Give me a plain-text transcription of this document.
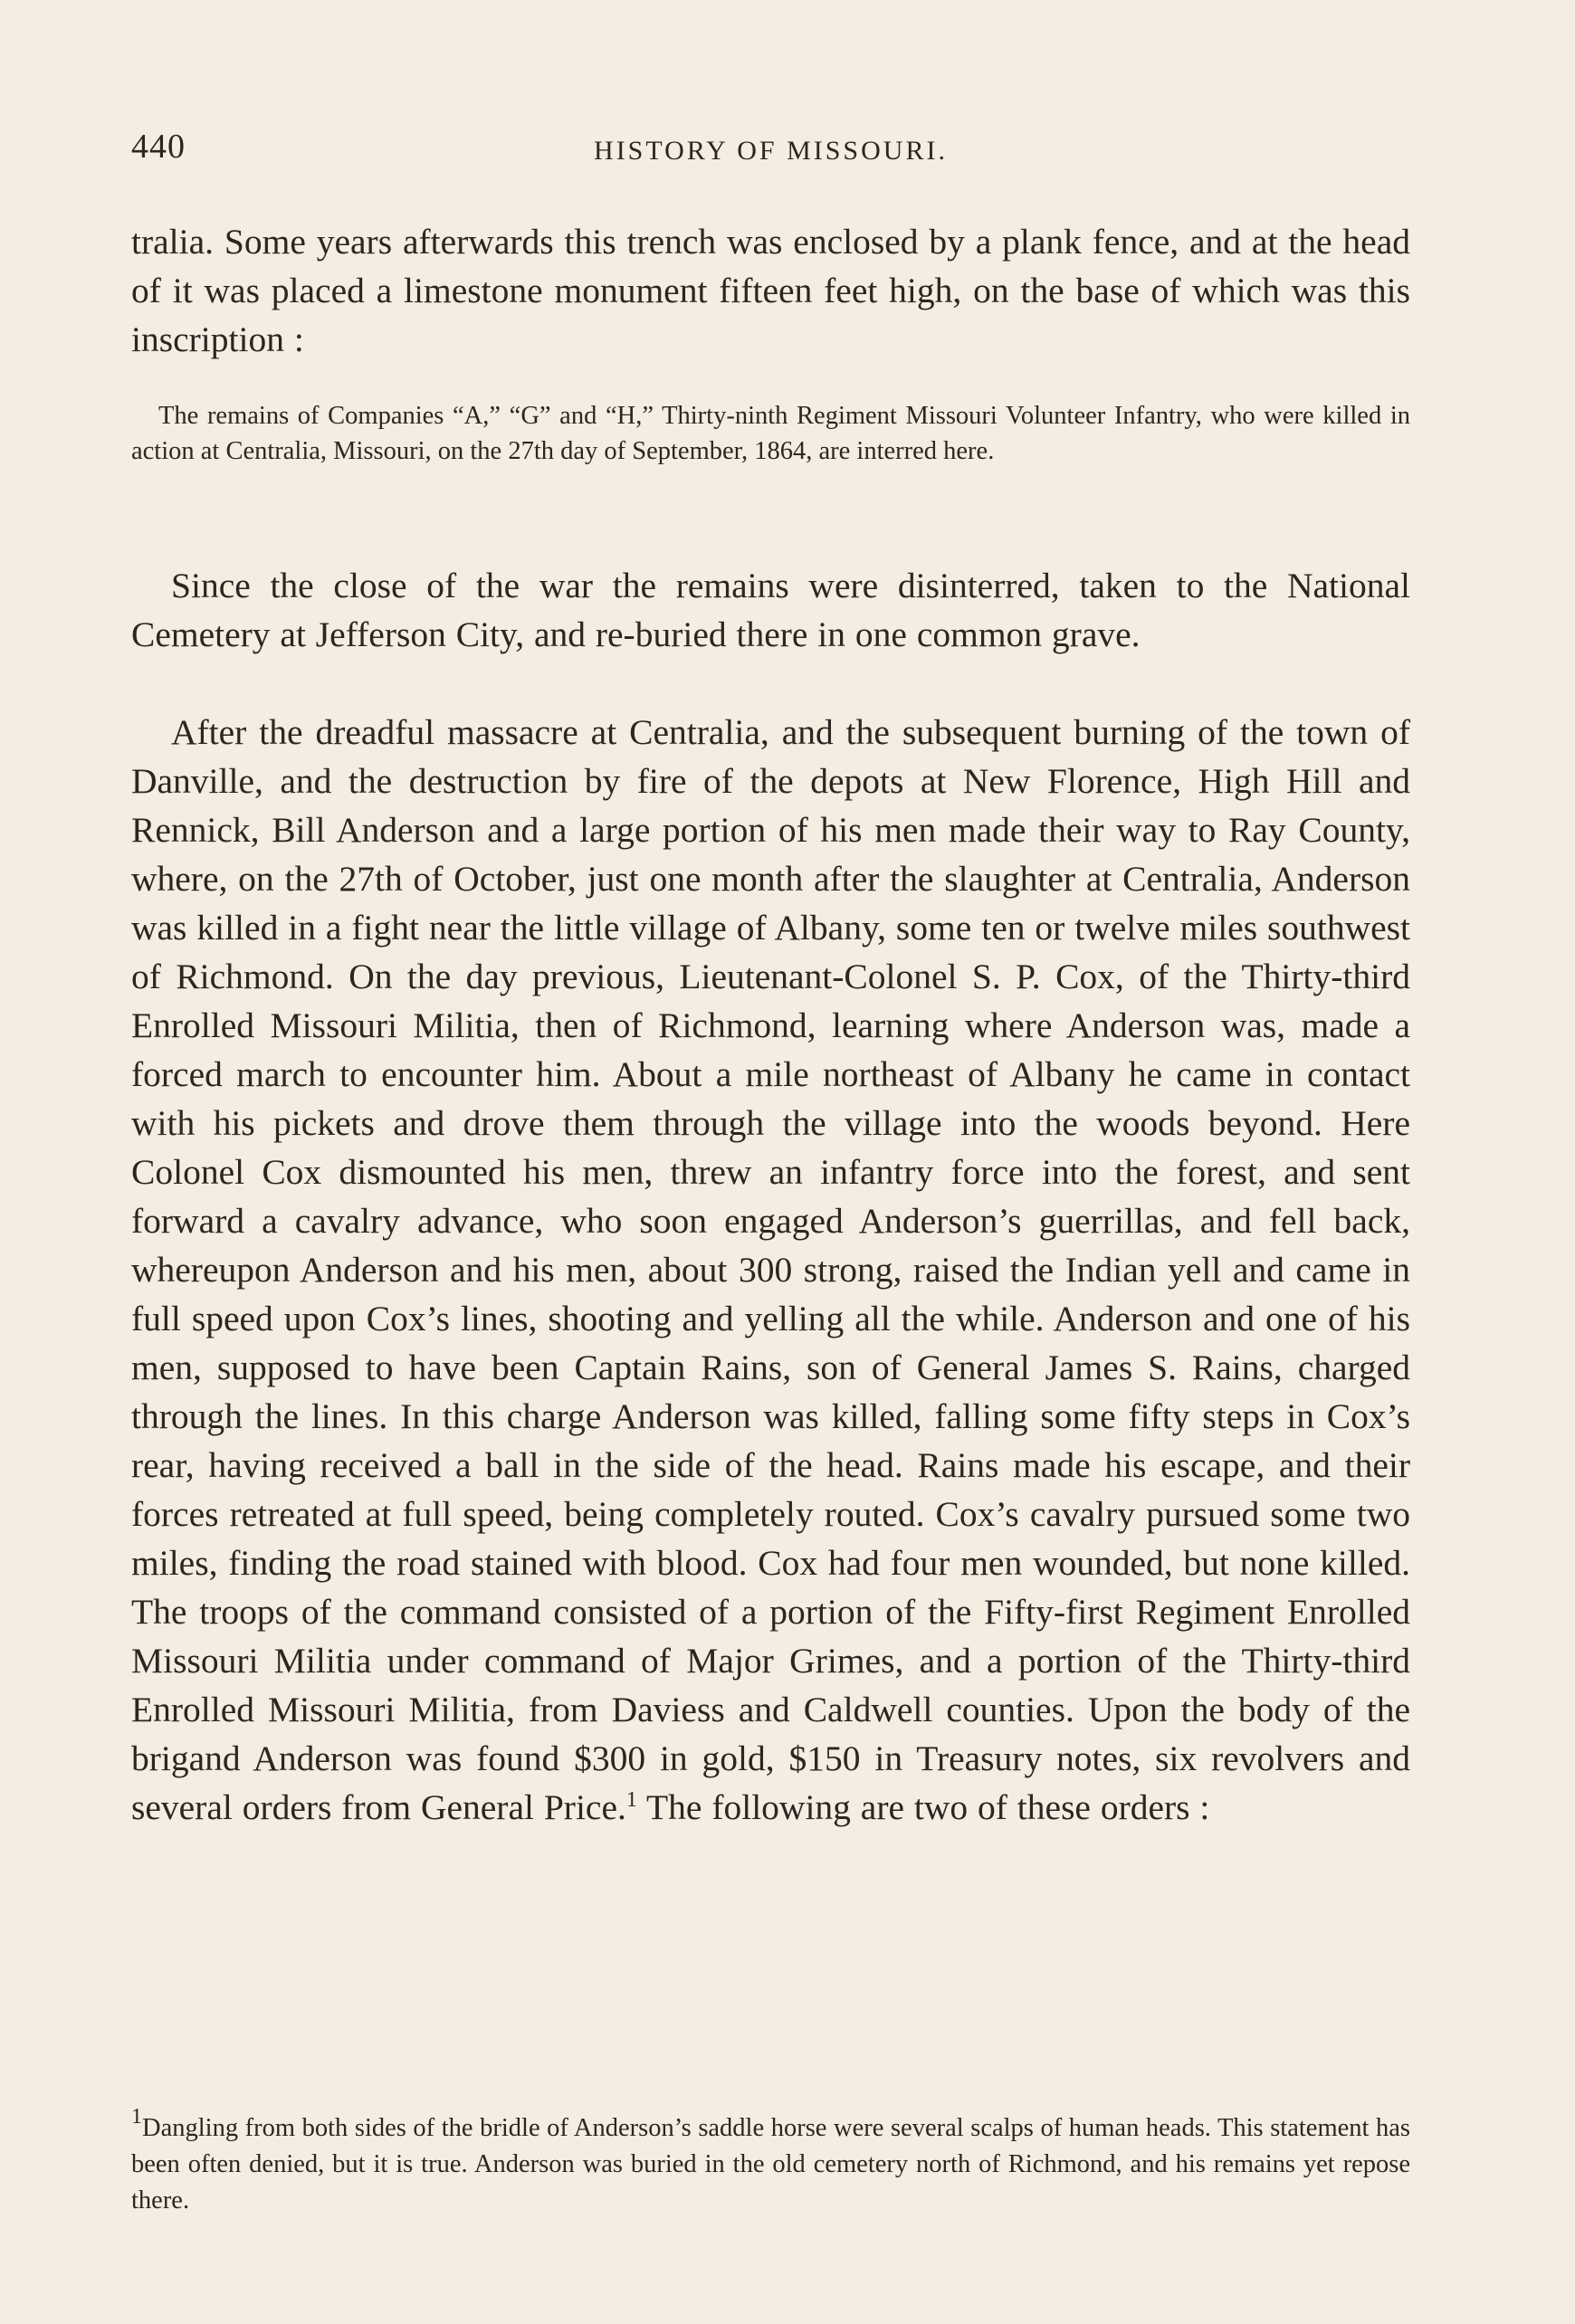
440	HISTORY OF MISSOURI.

tralia. Some years afterwards this trench was enclosed by a plank fence, and at the head of it was placed a limestone monument fifteen feet high, on the base of which was this inscription :

The remains of Companies “A,” “G” and “H,” Thirty-ninth Regiment Missouri Volunteer Infantry, who were killed in action at Centralia, Missouri, on the 27th day of September, 1864, are interred here.

Since the close of the war the remains were disinterred, taken to the National Cemetery at Jefferson City, and re-buried there in one common grave.

After the dreadful massacre at Centralia, and the subsequent burning of the town of Danville, and the destruction by fire of the depots at New Florence, High Hill and Rennick, Bill Anderson and a large portion of his men made their way to Ray County, where, on the 27th of October, just one month after the slaughter at Centralia, Anderson was killed in a fight near the little village of Albany, some ten or twelve miles southwest of Richmond. On the day previous, Lieutenant-Colonel S. P. Cox, of the Thirty-third Enrolled Missouri Militia, then of Richmond, learning where Anderson was, made a forced march to encounter him. About a mile northeast of Albany he came in contact with his pickets and drove them through the village into the woods beyond. Here Colonel Cox dismounted his men, threw an infantry force into the forest, and sent forward a cavalry advance, who soon engaged Anderson’s guerrillas, and fell back, whereupon Anderson and his men, about 300 strong, raised the Indian yell and came in full speed upon Cox’s lines, shooting and yelling all the while. Anderson and one of his men, supposed to have been Captain Rains, son of General James S. Rains, charged through the lines. In this charge Anderson was killed, falling some fifty steps in Cox’s rear, having received a ball in the side of the head. Rains made his escape, and their forces retreated at full speed, being completely routed. Cox’s cavalry pursued some two miles, finding the road stained with blood. Cox had four men wounded, but none killed. The troops of the command consisted of a portion of the Fifty-first Regiment Enrolled Missouri Militia under command of Major Grimes, and a portion of the Thirty-third Enrolled Missouri Militia, from Daviess and Caldwell counties. Upon the body of the brigand Anderson was found $300 in gold, $150 in Treasury notes, six revolvers and several orders from General Price.$^1$ The following are two of these orders :

$^1$Dangling from both sides of the bridle of Anderson’s saddle horse were several scalps of human heads. This statement has been often denied, but it is true. Anderson was buried in the old cemetery north of Richmond, and his remains yet repose there.
